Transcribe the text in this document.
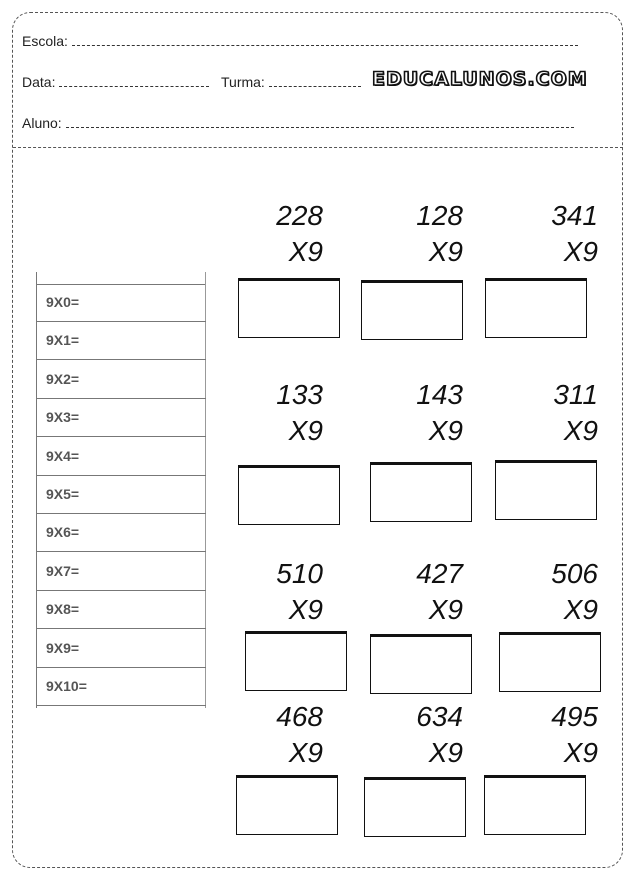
Escola:
Data:	Turma:	EDUCALUNOS.COM
Aluno:
9X0=
9X1=
9X2=
9X3=
9X4=
9X5=
9X6=
9X7=
9X8=
9X9=
9X10=
228
X9
128
X9
341
X9
133
X9
143
X9
311
X9
510
X9
427
X9
506
X9
468
X9
634
X9
495
X9
